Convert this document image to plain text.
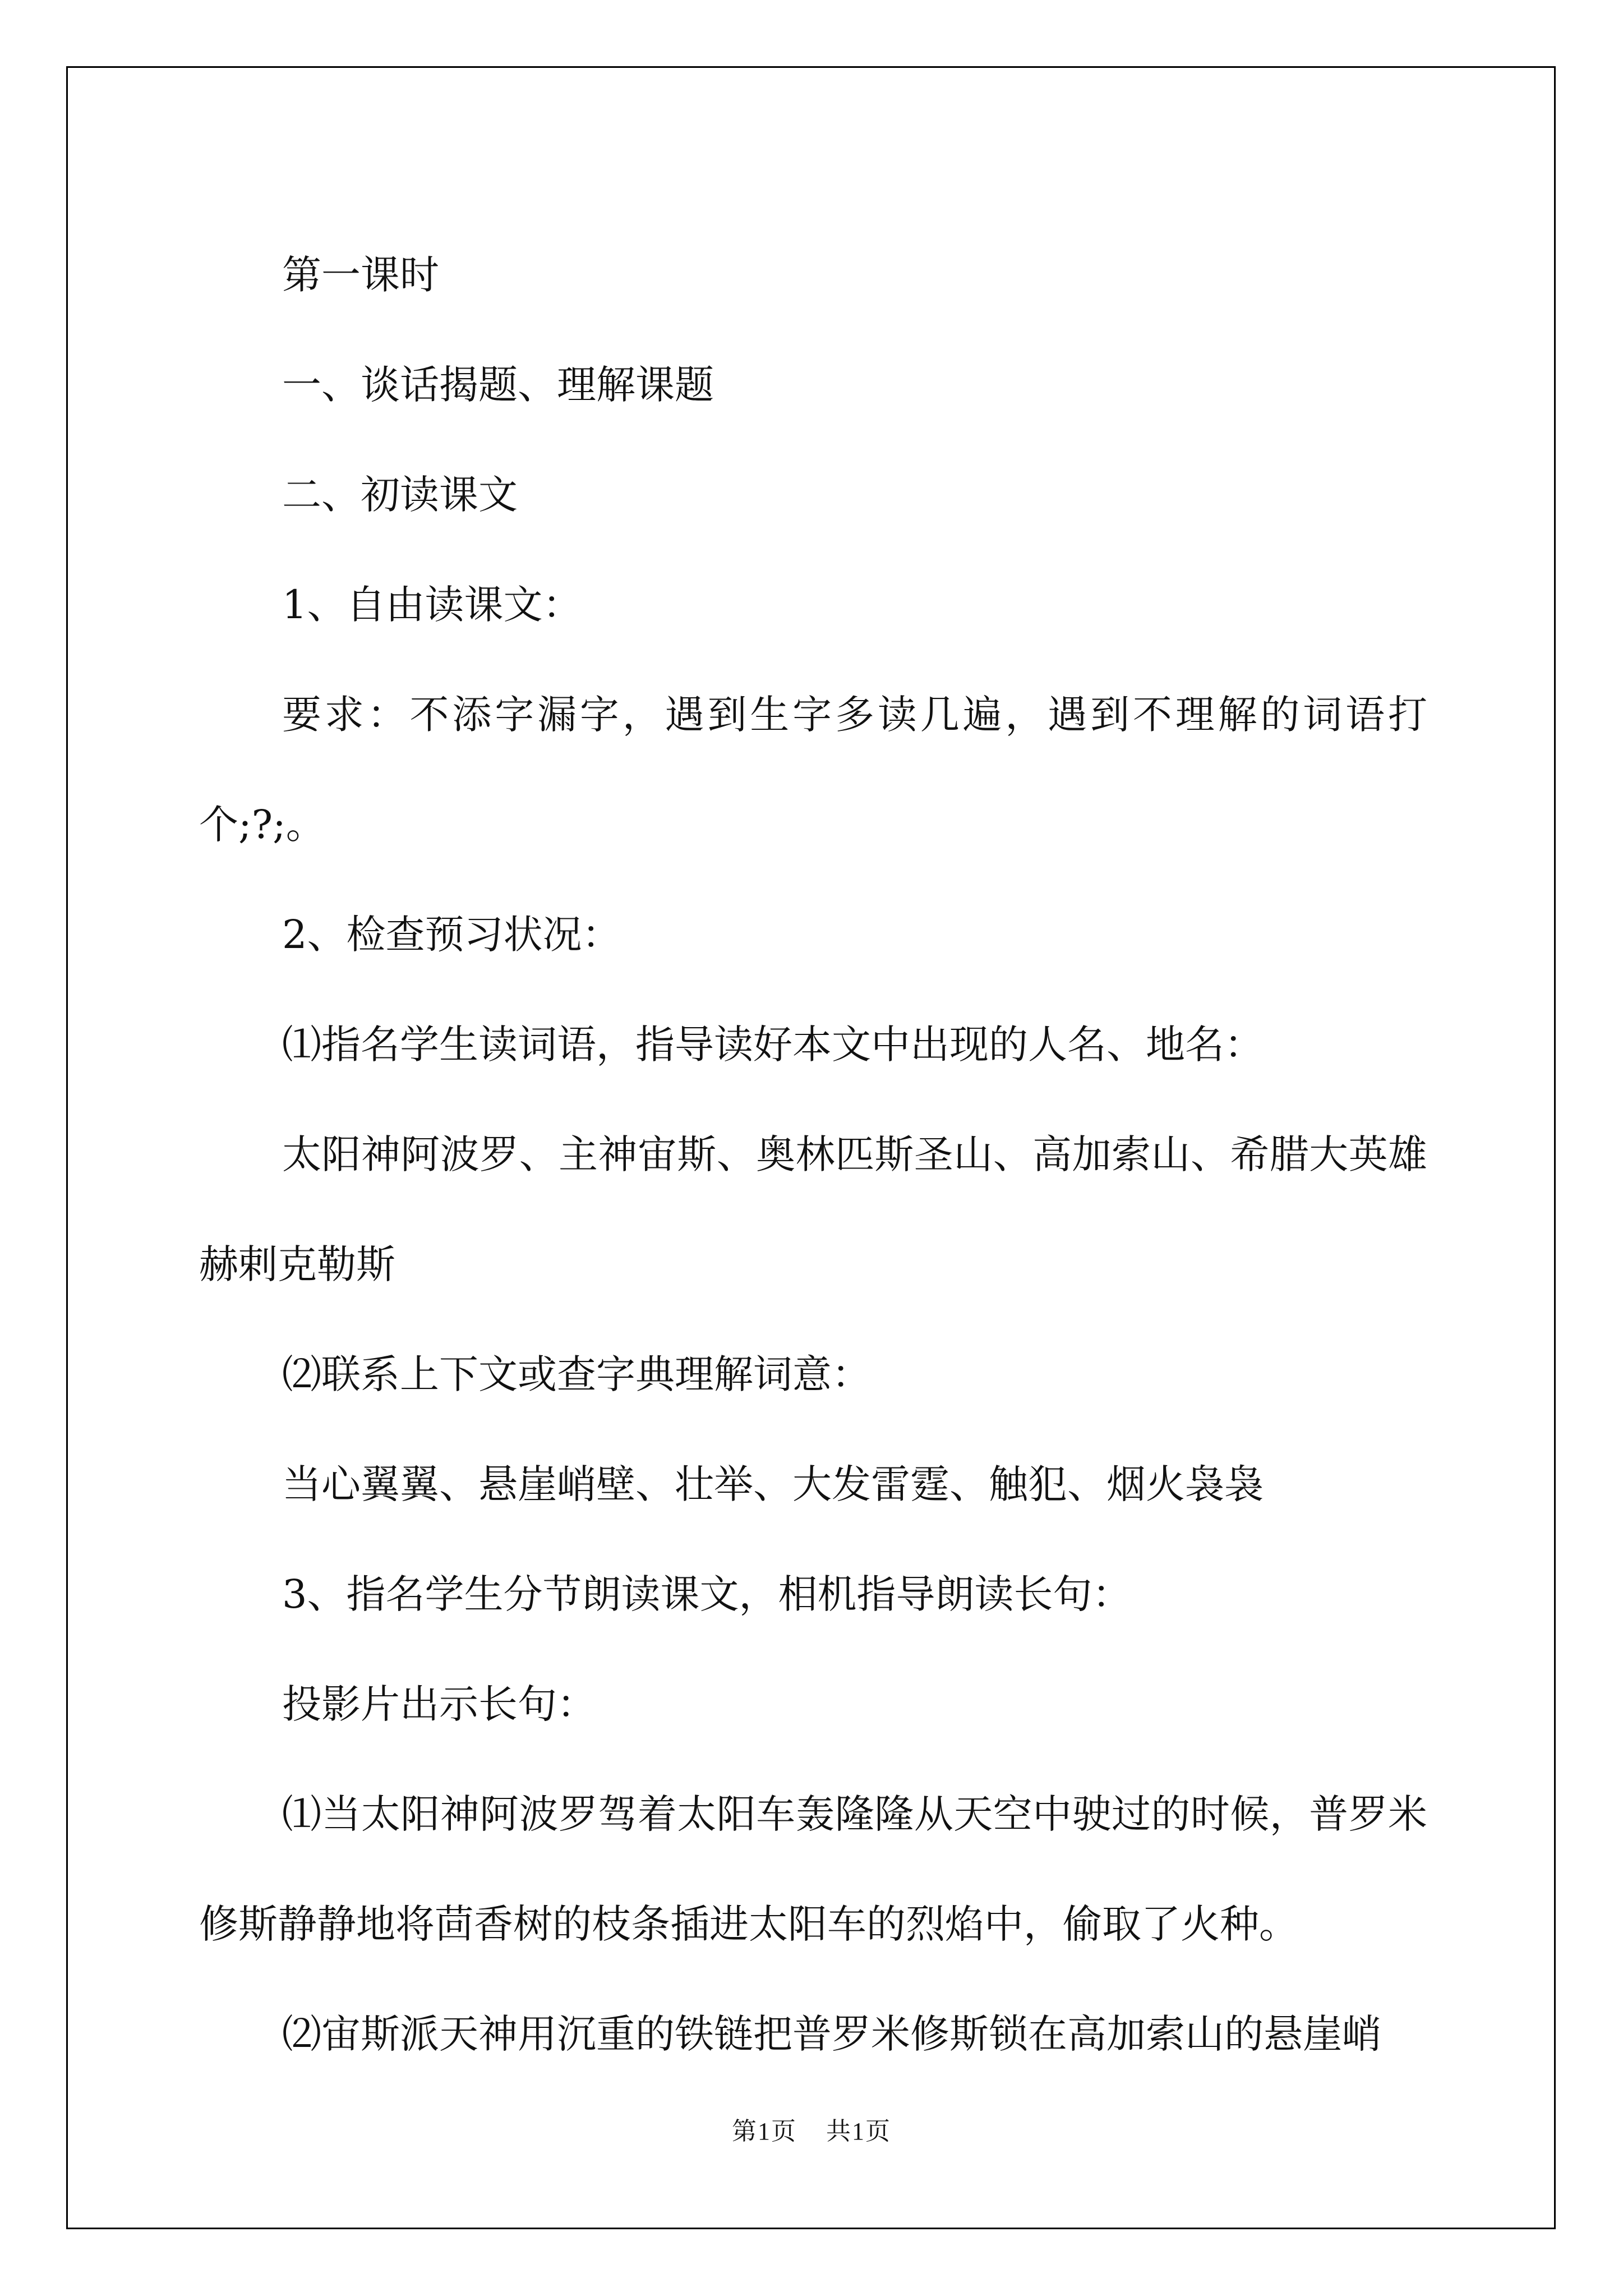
第一课时

一、谈话揭题、理解课题

二、初读课文

1、自由读课文：

要求：不添字漏字，遇到生字多读几遍，遇到不理解的词语打个;?;。

2、检查预习状况：

⑴指名学生读词语，指导读好本文中出现的人名、地名：

太阳神阿波罗、主神宙斯、奥林匹斯圣山、高加索山、希腊大英雄赫剌克勒斯

⑵联系上下文或查字典理解词意：

当心翼翼、悬崖峭壁、壮举、大发雷霆、触犯、烟火袅袅

3、指名学生分节朗读课文，相机指导朗读长句：

投影片出示长句：

⑴当太阳神阿波罗驾着太阳车轰隆隆从天空中驶过的时候，普罗米修斯静静地将茴香树的枝条插进太阳车的烈焰中，偷取了火种。

⑵宙斯派天神用沉重的铁链把普罗米修斯锁在高加索山的悬崖峭

第1页 共1页
